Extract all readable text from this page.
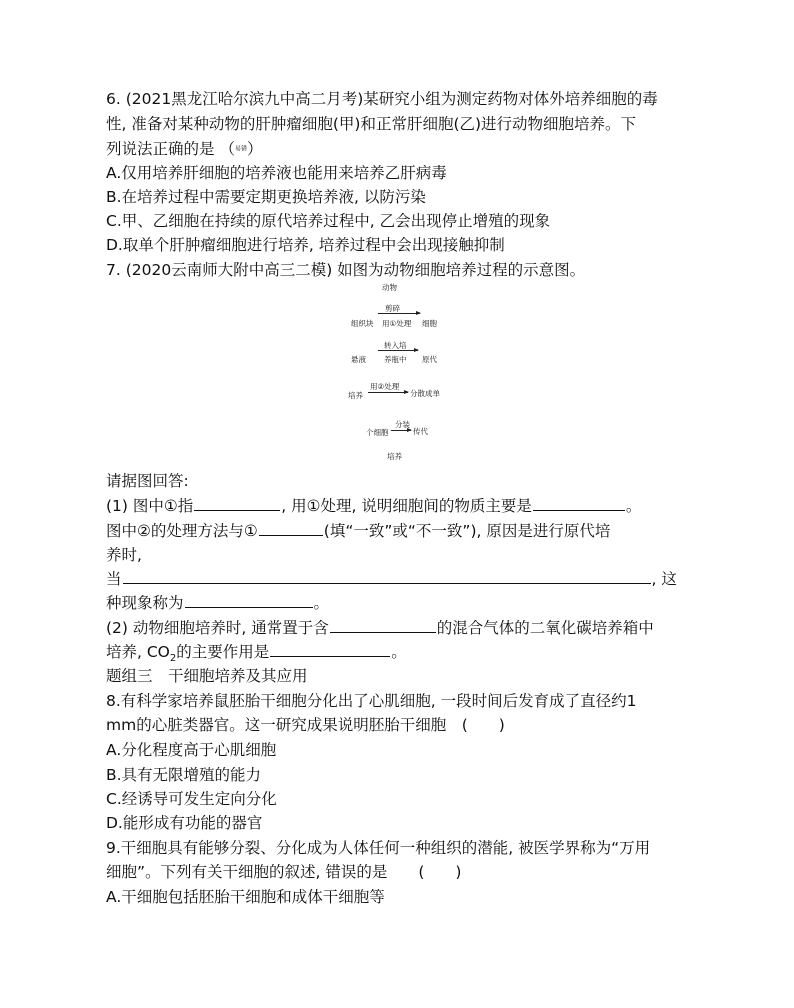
6. (2021黑龙江哈尔滨九中高二月考)某研究小组为测定药物对体外培养细胞的毒
性, 准备对某种动物的肝肿瘤细胞(甲)和正常肝细胞(乙)进行动物细胞培养。下
列说法正确的是 （易错）
A.仅用培养肝细胞的培养液也能用来培养乙肝病毒
B.在培养过程中需要定期更换培养液, 以防污染
C.甲、乙细胞在持续的原代培养过程中, 乙会出现停止增殖的现象
D.取单个肝肿瘤细胞进行培养, 培养过程中会出现接触抑制
7. (2020云南师大附中高三二模) 如图为动物细胞培养过程的示意图。
动物
剪碎
组织块 用①处理 细胞
转入培
悬液 养瓶中 原代
用②处理
培养	分散成单
分装
个细胞	传代
培养
请据图回答:
(1) 图中①指	, 用①处理, 说明细胞间的物质主要是	。
图中②的处理方法与①	(填“一致”或“不一致”), 原因是进行原代培
养时,
当	, 这
种现象称为	。
(2) 动物细胞培养时, 通常置于含	的混合气体的二氧化碳培养箱中
培养, $CO_2$的主要作用是	。
题组三　干细胞培养及其应用
8.有科学家培养鼠胚胎干细胞分化出了心肌细胞, 一段时间后发育成了直径约1
mm的心脏类器官。这一研究成果说明胚胎干细胞　(　　)
A.分化程度高于心肌细胞
B.具有无限增殖的能力
C.经诱导可发生定向分化
D.能形成有功能的器官
9.干细胞具有能够分裂、分化成为人体任何一种组织的潜能, 被医学界称为“万用
细胞”。下列有关干细胞的叙述, 错误的是　　(　　)
A.干细胞包括胚胎干细胞和成体干细胞等
